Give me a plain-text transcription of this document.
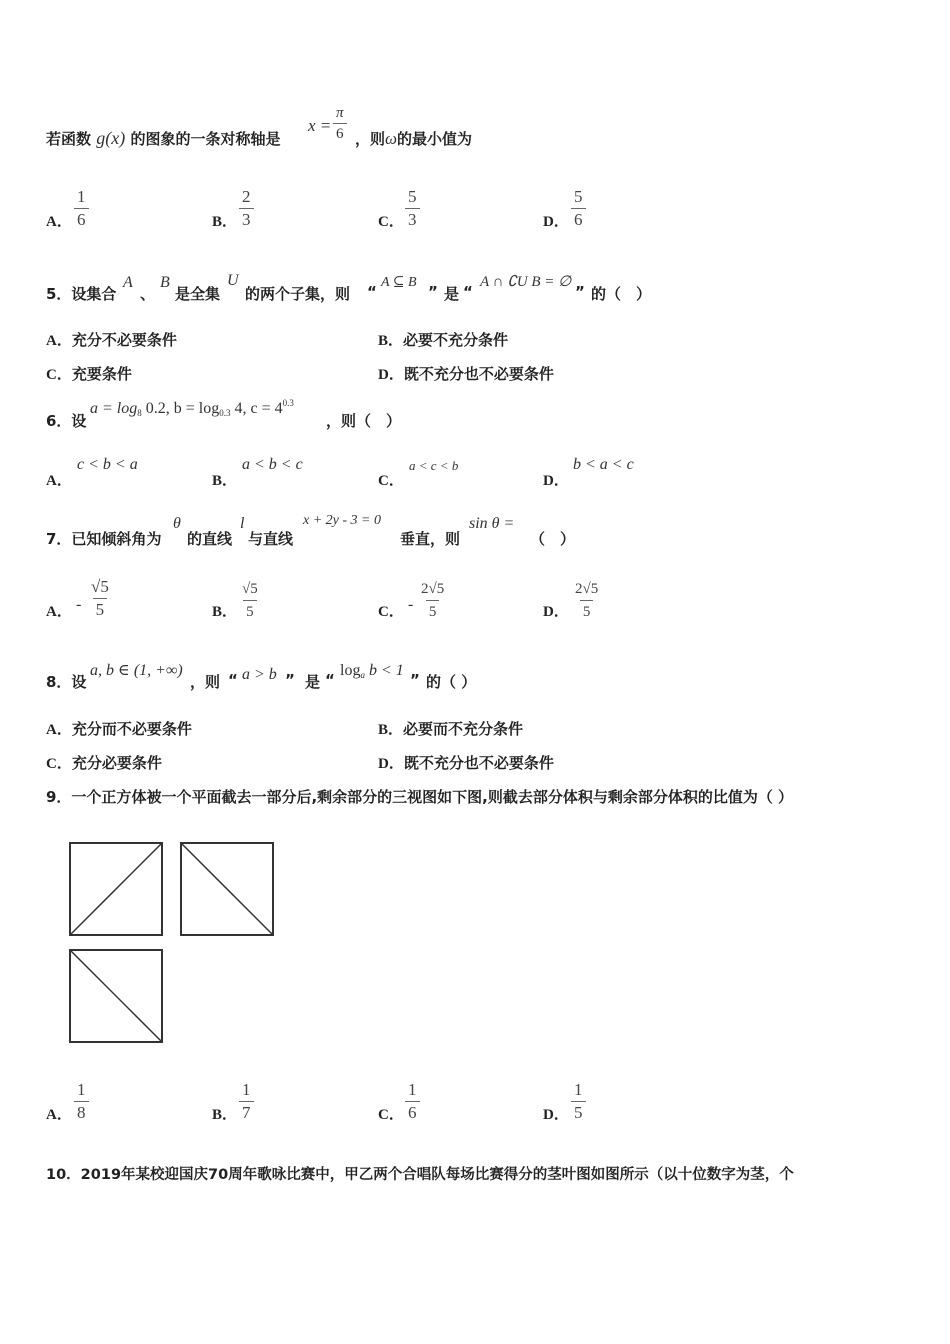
若函数 g(x) 的图象的一条对称轴是
$x = \frac{\pi}{6}$ ，则ω的最小值为
A． $\frac{1}{6}$	B． $\frac{2}{3}$	C． $\frac{5}{3}$	D． $\frac{5}{6}$
5．设集合
A
、
B
是全集
U
的两个子集，则 “
A ⊆ B
” 是 “
A ∩ ∁U B = ∅
” 的（　）
A．充分不必要条件	B．必要不充分条件
C．充要条件	D．既不充分也不必要条件
6．设
$a = \log_8 0.2$, $b = \log_{0.3} 4$, $c = 4^{0.3}$
，则（　）
A．
c < b < a
B．
a < b < c
C．
a < c < b
D．
b < a < c
7．已知倾斜角为
θ
的直线
l
与直线
x + 2y - 3 = 0
垂直，则
sin θ =
（　）
A． - $\frac{√5}{5}$	B． $\frac{√5}{5}$	C． - $\frac{2√5}{5}$	D． $\frac{2√5}{5}$
8．设
a, b ∈ (1, +∞)
，则 “ a > b ” 是 “
$\log_a b < 1$
” 的（ ）
A．充分而不必要条件	B．必要而不充分条件
C．充分必要条件	D．既不充分也不必要条件
9．一个正方体被一个平面截去一部分后,剩余部分的三视图如下图,则截去部分体积与剩余部分体积的比值为（ ）
A． $\frac{1}{8}$	B． $\frac{1}{7}$	C． $\frac{1}{6}$	D． $\frac{1}{5}$
10．2019年某校迎国庆70周年歌咏比赛中，甲乙两个合唱队每场比赛得分的茎叶图如图所示（以十位数字为茎，个
